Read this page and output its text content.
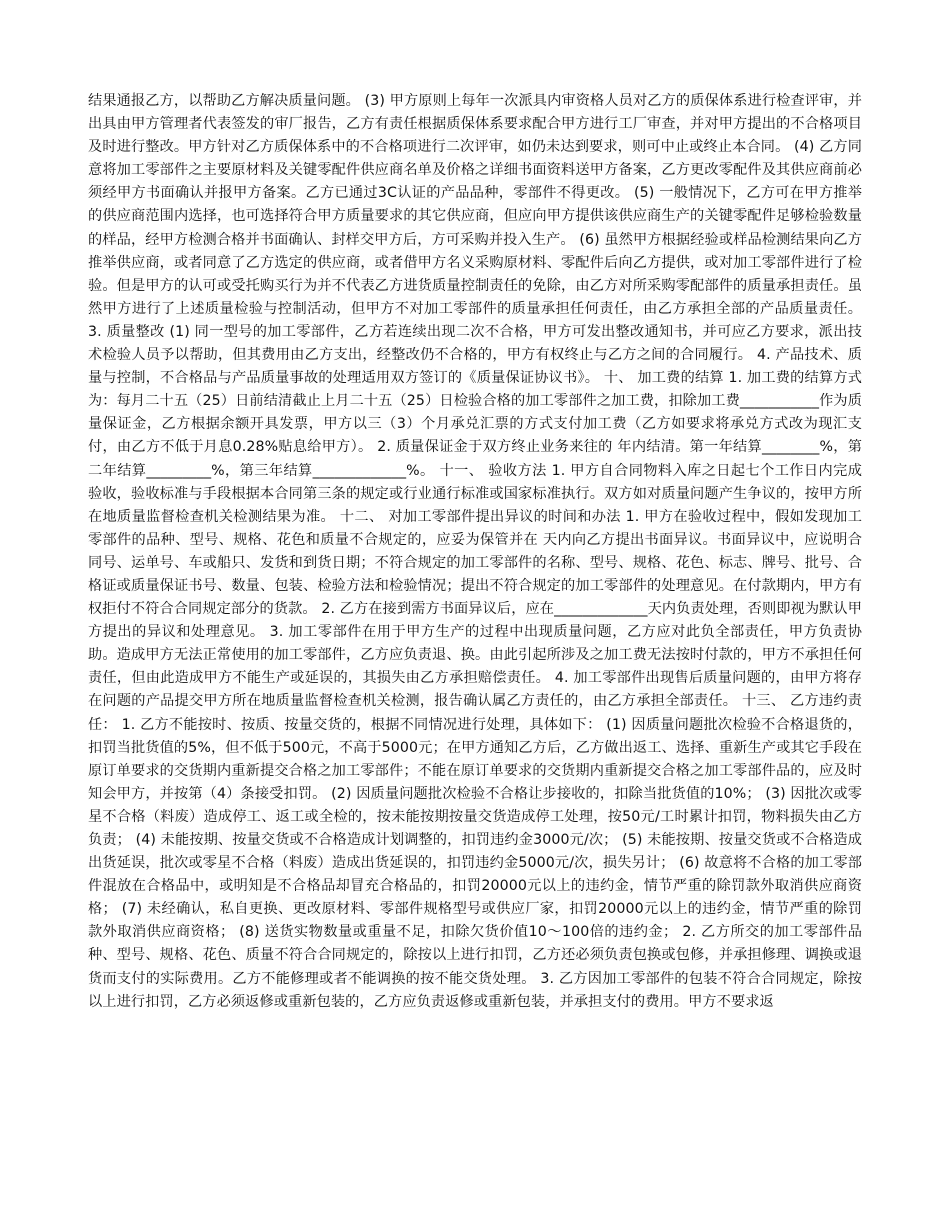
结果通报乙方，以帮助乙方解决质量问题。 (3) 甲方原则上每年一次派具内审资格人员对乙方的质保体系进行检查评审，并出具由甲方管理者代表签发的审厂报告，乙方有责任根据质保体系要求配合甲方进行工厂审查，并对甲方提出的不合格项目及时进行整改。甲方针对乙方质保体系中的不合格项进行二次评审，如仍未达到要求，则可中止或终止本合同。 (4) 乙方同意将加工零部件之主要原材料及关键零配件供应商名单及价格之详细书面资料送甲方备案，乙方更改零配件及其供应商前必须经甲方书面确认并报甲方备案。乙方已通过3C认证的产品品种，零部件不得更改。 (5) 一般情况下，乙方可在甲方推举的供应商范围内选择，也可选择符合甲方质量要求的其它供应商，但应向甲方提供该供应商生产的关键零配件足够检验数量的样品，经甲方检测合格并书面确认、封样交甲方后，方可采购并投入生产。 (6) 虽然甲方根据经验或样品检测结果向乙方推举供应商，或者同意了乙方选定的供应商，或者借甲方名义采购原材料、零配件后向乙方提供，或对加工零部件进行了检验。但是甲方的认可或受托购买行为并不代表乙方进货质量控制责任的免除，由乙方对所采购零配部件的质量承担责任。虽然甲方进行了上述质量检验与控制活动，但甲方不对加工零部件的质量承担任何责任，由乙方承担全部的产品质量责任。 3. 质量整改 (1) 同一型号的加工零部件，乙方若连续出现二次不合格，甲方可发出整改通知书，并可应乙方要求，派出技术检验人员予以帮助，但其费用由乙方支出，经整改仍不合格的，甲方有权终止与乙方之间的合同履行。 4. 产品技术、质量与控制，不合格品与产品质量事故的处理适用双方签订的《质量保证协议书》。 十、 加工费的结算 1. 加工费的结算方式为：每月二十五（25）日前结清截止上月二十五（25）日检验合格的加工零部件之加工费，扣除加工费___________作为质量保证金，乙方根据余额开具发票，甲方以三（3）个月承兑汇票的方式支付加工费（乙方如要求将承兑方式改为现汇支付，由乙方不低于月息0.28%贴息给甲方）。 2. 质量保证金于双方终止业务来往的 年内结清。第一年结算________%，第二年结算_________%，第三年结算_____________%。 十一、 验收方法 1. 甲方自合同物料入库之日起七个工作日内完成验收，验收标准与手段根据本合同第三条的规定或行业通行标准或国家标准执行。双方如对质量问题产生争议的，按甲方所在地质量监督检查机关检测结果为准。 十二、 对加工零部件提出异议的时间和办法 1. 甲方在验收过程中，假如发现加工零部件的品种、型号、规格、花色和质量不合规定的，应妥为保管并在 天内向乙方提出书面异议。书面异议中，应说明合同号、运单号、车或船只、发货和到货日期；不符合规定的加工零部件的名称、型号、规格、花色、标志、牌号、批号、合格证或质量保证书号、数量、包装、检验方法和检验情况；提出不符合规定的加工零部件的处理意见。在付款期内，甲方有权拒付不符合合同规定部分的货款。 2. 乙方在接到需方书面异议后，应在_____________天内负责处理，否则即视为默认甲方提出的异议和处理意见。 3. 加工零部件在用于甲方生产的过程中出现质量问题，乙方应对此负全部责任，甲方负责协助。造成甲方无法正常使用的加工零部件，乙方应负责退、换。由此引起所涉及之加工费无法按时付款的，甲方不承担任何责任，但由此造成甲方不能生产或延误的，其损失由乙方承担赔偿责任。 4. 加工零部件出现售后质量问题的，由甲方将存在问题的产品提交甲方所在地质量监督检查机关检测，报告确认属乙方责任的，由乙方承担全部责任。 十三、 乙方违约责任： 1. 乙方不能按时、按质、按量交货的，根据不同情况进行处理，具体如下： (1) 因质量问题批次检验不合格退货的，扣罚当批货值的5%，但不低于500元，不高于5000元；在甲方通知乙方后，乙方做出返工、选择、重新生产或其它手段在原订单要求的交货期内重新提交合格之加工零部件；不能在原订单要求的交货期内重新提交合格之加工零部件品的，应及时知会甲方，并按第（4）条接受扣罚。 (2) 因质量问题批次检验不合格让步接收的，扣除当批货值的10%； (3) 因批次或零星不合格（料废）造成停工、返工或全检的，按未能按期按量交货造成停工处理，按50元/工时累计扣罚，物料损失由乙方负责； (4) 未能按期、按量交货或不合格造成计划调整的，扣罚违约金3000元/次； (5) 未能按期、按量交货或不合格造成出货延误，批次或零星不合格（料废）造成出货延误的，扣罚违约金5000元/次，损失另计； (6) 故意将不合格的加工零部件混放在合格品中，或明知是不合格品却冒充合格品的，扣罚20000元以上的违约金，情节严重的除罚款外取消供应商资格； (7) 未经确认，私自更换、更改原材料、零部件规格型号或供应厂家，扣罚20000元以上的违约金，情节严重的除罚款外取消供应商资格； (8) 送货实物数量或重量不足，扣除欠货价值10～100倍的违约金； 2. 乙方所交的加工零部件品种、型号、规格、花色、质量不符合合同规定的，除按以上进行扣罚，乙方还必须负责包换或包修，并承担修理、调换或退货而支付的实际费用。乙方不能修理或者不能调换的按不能交货处理。 3. 乙方因加工零部件的包装不符合合同规定，除按以上进行扣罚，乙方必须返修或重新包装的，乙方应负责返修或重新包装，并承担支付的费用。甲方不要求返
